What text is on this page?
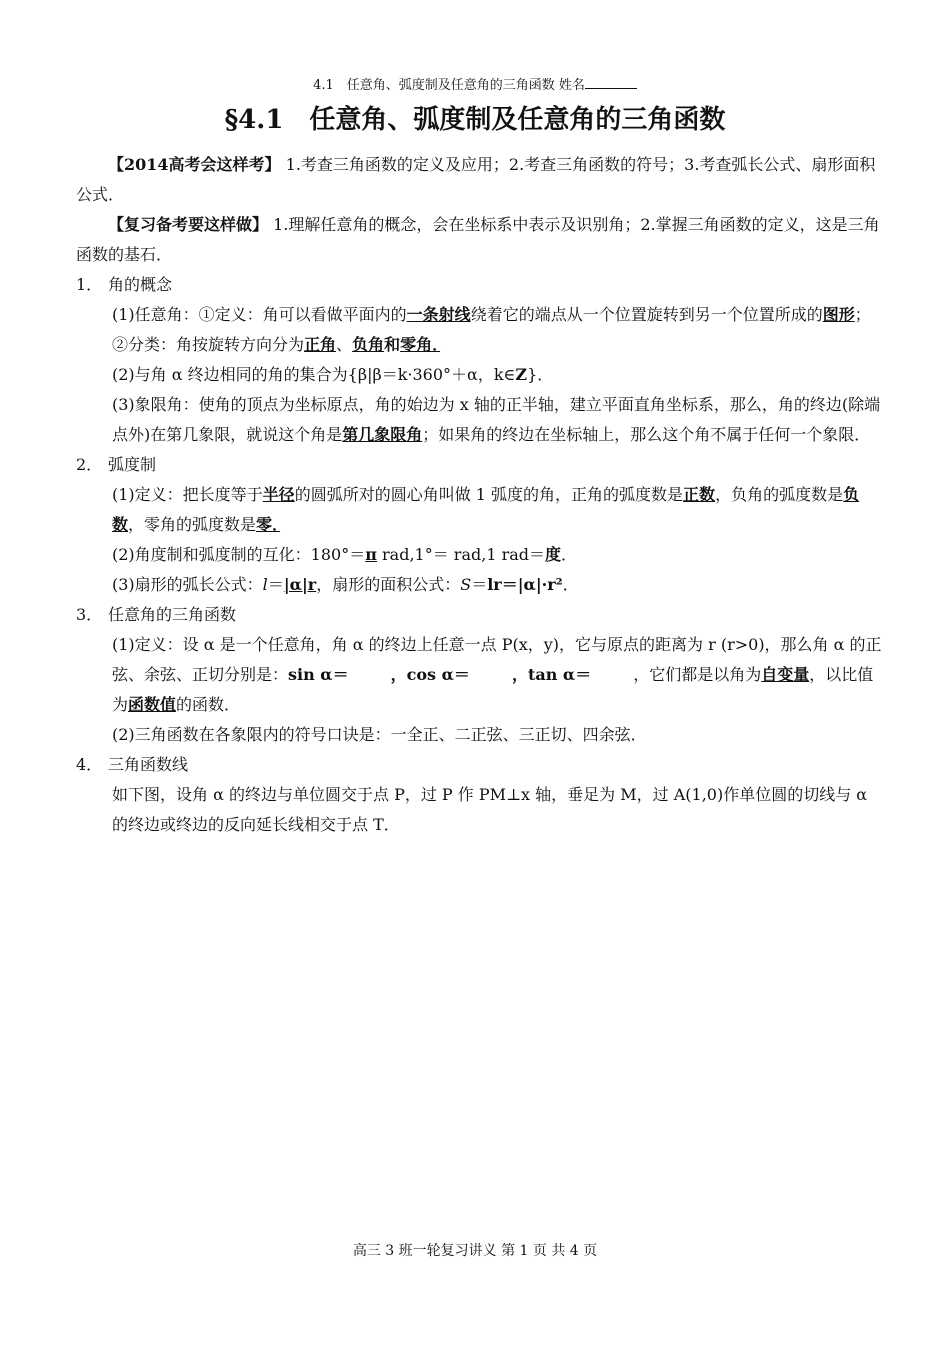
4.1　任意角、弧度制及任意角的三角函数 姓名
§4.1　任意角、弧度制及任意角的三角函数

【2014高考会这样考】 1.考查三角函数的定义及应用；2.考查三角函数的符号；3.考查弧长公式、扇形面积公式．

【复习备考要这样做】 1.理解任意角的概念，会在坐标系中表示及识别角；2.掌握三角函数的定义，这是三角函数的基石．

1． 角的概念

(1)任意角：①定义：角可以看做平面内的一条射线绕着它的端点从一个位置旋转到另一个位置所成的图形；②分类：角按旋转方向分为正角、负角和零角．　

(2)与角 α 终边相同的角的集合为{β|β＝k·360°＋α，k∈Z}．

(3)象限角：使角的顶点为坐标原点，角的始边为 x 轴的正半轴，建立平面直角坐标系，那么，角的终边(除端点外)在第几象限，就说这个角是第几象限角；如果角的终边在坐标轴上，那么这个角不属于任何一个象限．

2． 弧度制

(1)定义：把长度等于半径的圆弧所对的圆心角叫做 1 弧度的角，正角的弧度数是正数，负角的弧度数是负数，零角的弧度数是零．　

(2)角度制和弧度制的互化：180°＝π rad,1°＝ rad,1 rad＝度．

(3)扇形的弧长公式：l＝|α|r，扇形的面积公式：S＝lr＝|α|·r²．

3． 任意角的三角函数

(1)定义：设 α 是一个任意角，角 α 的终边上任意一点 P(x，y)，它与原点的距离为 r (r>0)，那么角 α 的正弦、余弦、正切分别是：sin α＝	，cos α＝	，tan α＝	，它们都是以角为自变量，以比值为函数值的函数．

(2)三角函数在各象限内的符号口诀是：一全正、二正弦、三正切、四余弦．

4． 三角函数线

如下图，设角 α 的终边与单位圆交于点 P，过 P 作 PM⊥x 轴，垂足为 M，过 A(1,0)作单位圆的切线与 α 的终边或终边的反向延长线相交于点 T．

高三 3 班一轮复习讲义 第 1 页 共 4 页
